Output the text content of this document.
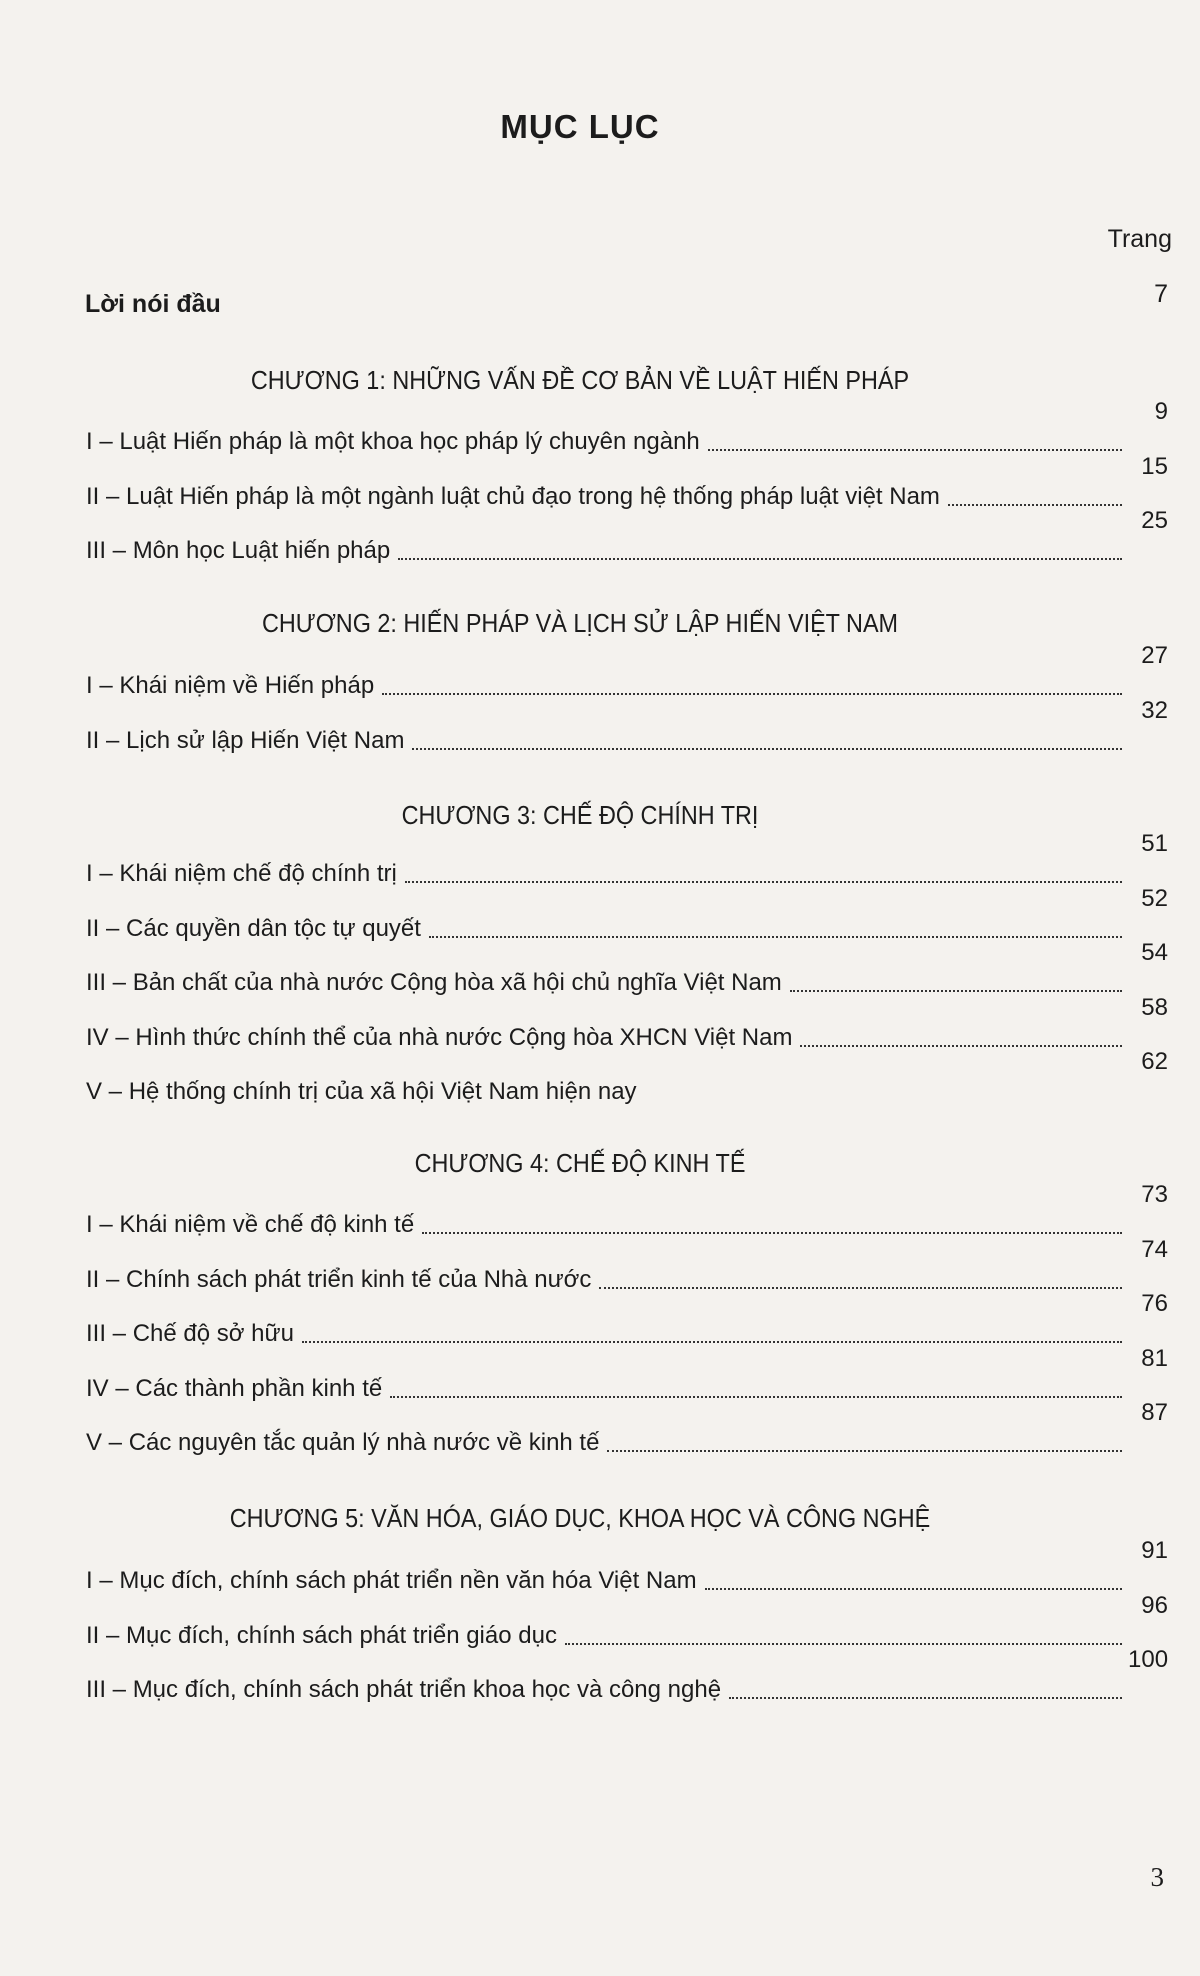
MỤC LỤC
Trang
Lời nói đầu	7
CHƯƠNG 1: NHỮNG VẤN ĐỀ CƠ BẢN VỀ LUẬT HIẾN PHÁP
I – Luật Hiến pháp là một khoa học pháp lý chuyên ngành
9
II – Luật Hiến pháp là một ngành luật chủ đạo trong hệ thống pháp luật việt Nam
15
III – Môn học Luật hiến pháp
25
CHƯƠNG 2: HIẾN PHÁP VÀ LỊCH SỬ LẬP HIẾN VIỆT NAM
I – Khái niệm về Hiến pháp
27
II – Lịch sử lập Hiến Việt Nam
32
CHƯƠNG 3: CHẾ ĐỘ CHÍNH TRỊ
I – Khái niệm chế độ chính trị
51
II – Các quyền dân tộc tự quyết
52
III – Bản chất của nhà nước Cộng hòa xã hội chủ nghĩa Việt Nam
54
IV – Hình thức chính thể của nhà nước Cộng hòa XHCN Việt Nam
58
V – Hệ thống chính trị của xã hội Việt Nam hiện nay
62
CHƯƠNG 4: CHẾ ĐỘ KINH TẾ
I – Khái niệm về chế độ kinh tế
73
II – Chính sách phát triển kinh tế của Nhà nước
74
III – Chế độ sở hữu
76
IV – Các thành phần kinh tế
81
V – Các nguyên tắc quản lý nhà nước về kinh tế
87
CHƯƠNG 5: VĂN HÓA, GIÁO DỤC, KHOA HỌC VÀ CÔNG NGHỆ
I – Mục đích, chính sách phát triển nền văn hóa Việt Nam
91
II – Mục đích, chính sách phát triển giáo dục
96
III – Mục đích, chính sách phát triển khoa học và công nghệ
100
3
